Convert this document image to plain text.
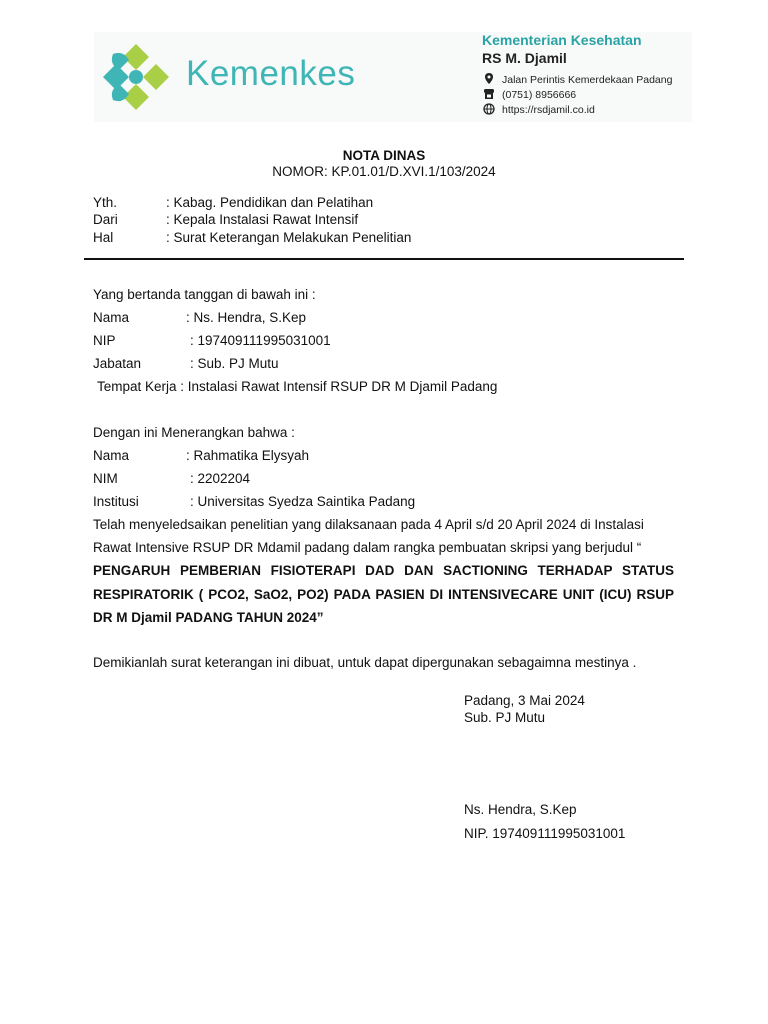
Kemenkes
Kementerian Kesehatan
RS M. Djamil
Jalan Perintis Kemerdekaan Padang
(0751) 8956666
https://rsdjamil.co.id
NOTA DINAS
NOMOR: KP.01.01/D.XVI.1/103/2024
Yth.	: Kabag. Pendidikan dan Pelatihan
Dari	: Kepala Instalasi Rawat Intensif
Hal	: Surat Keterangan Melakukan Penelitian
Yang bertanda tanggan di bawah ini :
Nama	: Ns. Hendra, S.Kep
NIP	: 197409111995031001
Jabatan	: Sub. PJ Mutu
Tempat Kerja : Instalasi Rawat Intensif RSUP DR M Djamil Padang
Dengan ini Menerangkan bahwa :
Nama	: Rahmatika Elysyah
NIM	: 2202204
Institusi	: Universitas Syedza Saintika Padang
Telah menyeledsaikan penelitian yang dilaksanaan pada 4 April s/d 20 April 2024 di Instalasi
Rawat Intensive RSUP DR Mdamil padang dalam rangka pembuatan skripsi yang berjudul “
PENGARUH PEMBERIAN FISIOTERAPI DAD DAN SACTIONING TERHADAP STATUS RESPIRATORIK ( PCO2, SaO2, PO2) PADA PASIEN DI INTENSIVECARE UNIT (ICU) RSUP DR M Djamil PADANG TAHUN 2024”
Demikianlah surat keterangan ini dibuat, untuk dapat dipergunakan sebagaimna mestinya .
Padang, 3 Mai 2024
Sub. PJ Mutu
Ns. Hendra, S.Kep
NIP. 197409111995031001
